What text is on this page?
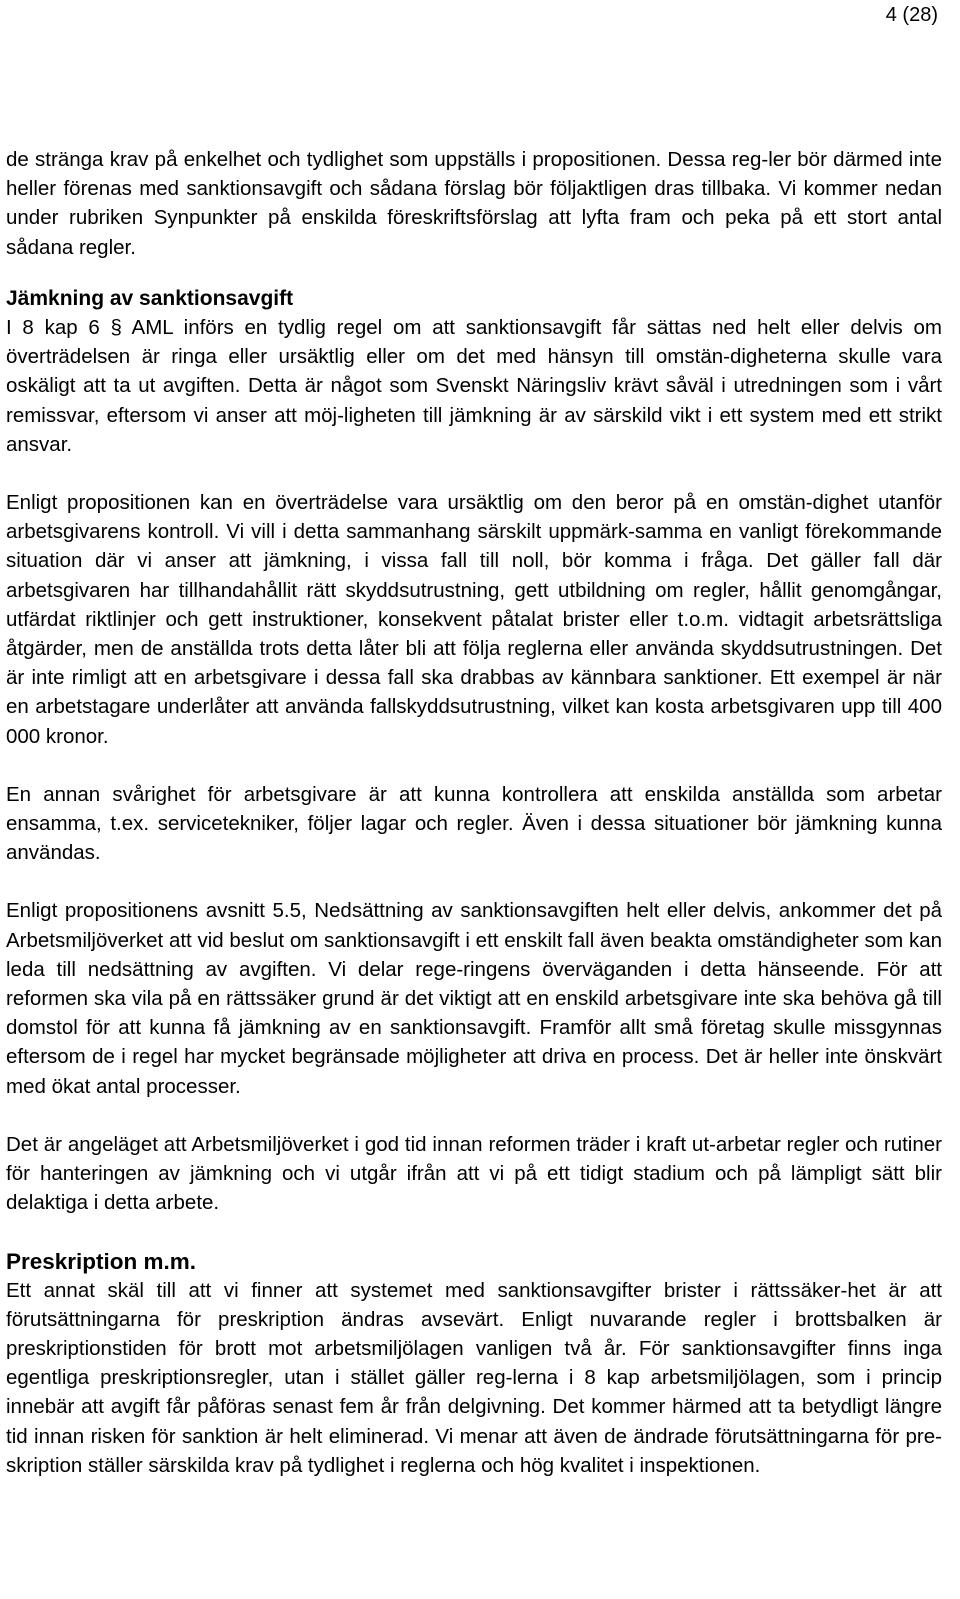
4 (28)

de stränga krav på enkelhet och tydlighet som uppställs i propositionen. Dessa reg-ler bör därmed inte heller förenas med sanktionsavgift och sådana förslag bör följaktligen dras tillbaka. Vi kommer nedan under rubriken Synpunkter på enskilda föreskriftsförslag att lyfta fram och peka på ett stort antal sådana regler.

Jämkning av sanktionsavgift

I 8 kap 6 § AML införs en tydlig regel om att sanktionsavgift får sättas ned helt eller delvis om överträdelsen är ringa eller ursäktlig eller om det med hänsyn till omstän-digheterna skulle vara oskäligt att ta ut avgiften. Detta är något som Svenskt Näringsliv krävt såväl i utredningen som i vårt remissvar, eftersom vi anser att möj-ligheten till jämkning är av särskild vikt i ett system med ett strikt ansvar.

Enligt propositionen kan en överträdelse vara ursäktlig om den beror på en omstän-dighet utanför arbetsgivarens kontroll. Vi vill i detta sammanhang särskilt uppmärk-samma en vanligt förekommande situation där vi anser att jämkning, i vissa fall till noll, bör komma i fråga. Det gäller fall där arbetsgivaren har tillhandahållit rätt skyddsutrustning, gett utbildning om regler, hållit genomgångar, utfärdat riktlinjer och gett instruktioner, konsekvent påtalat brister eller t.o.m. vidtagit arbetsrättsliga åtgärder, men de anställda trots detta låter bli att följa reglerna eller använda skyddsutrustningen. Det är inte rimligt att en arbetsgivare i dessa fall ska drabbas av kännbara sanktioner. Ett exempel är när en arbetstagare underlåter att använda fallskyddsutrustning, vilket kan kosta arbetsgivaren upp till 400 000 kronor.

En annan svårighet för arbetsgivare är att kunna kontrollera att enskilda anställda som arbetar ensamma, t.ex. servicetekniker, följer lagar och regler. Även i dessa situationer bör jämkning kunna användas.

Enligt propositionens avsnitt 5.5, Nedsättning av sanktionsavgiften helt eller delvis, ankommer det på Arbetsmiljöverket att vid beslut om sanktionsavgift i ett enskilt fall även beakta omständigheter som kan leda till nedsättning av avgiften. Vi delar rege-ringens överväganden i detta hänseende. För att reformen ska vila på en rättssäker grund är det viktigt att en enskild arbetsgivare inte ska behöva gå till domstol för att kunna få jämkning av en sanktionsavgift. Framför allt små företag skulle missgynnas eftersom de i regel har mycket begränsade möjligheter att driva en process. Det är heller inte önskvärt med ökat antal processer.

Det är angeläget att Arbetsmiljöverket i god tid innan reformen träder i kraft ut-arbetar regler och rutiner för hanteringen av jämkning och vi utgår ifrån att vi på ett tidigt stadium och på lämpligt sätt blir delaktiga i detta arbete.

Preskription m.m.

Ett annat skäl till att vi finner att systemet med sanktionsavgifter brister i rättssäker-het är att förutsättningarna för preskription ändras avsevärt. Enligt nuvarande regler i brottsbalken är preskriptionstiden för brott mot arbetsmiljölagen vanligen två år. För sanktionsavgifter finns inga egentliga preskriptionsregler, utan i stället gäller reg-lerna i 8 kap arbetsmiljölagen, som i princip innebär att avgift får påföras senast fem år från delgivning. Det kommer härmed att ta betydligt längre tid innan risken för sanktion är helt eliminerad. Vi menar att även de ändrade förutsättningarna för pre-skription ställer särskilda krav på tydlighet i reglerna och hög kvalitet i inspektionen.
